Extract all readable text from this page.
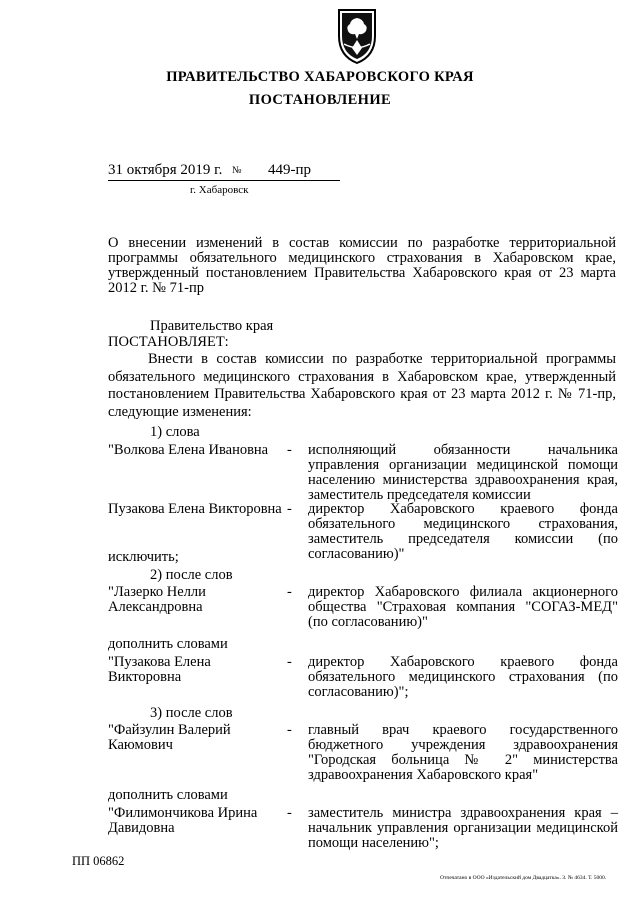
ПРАВИТЕЛЬСТВО ХАБАРОВСКОГО КРАЯ
ПОСТАНОВЛЕНИЕ
31 октября 2019 г. № 449-пр
г. Хабаровск
О внесении изменений в состав комиссии по разработке территориальной программы обязательного медицинского страхования в Хабаровском крае, утвержденный постановлением Правительства Хабаровского края от 23 марта 2012 г. № 71-пр
Правительство края
ПОСТАНОВЛЯЕТ:
Внести в состав комиссии по разработке территориальной программы обязательного медицинского страхования в Хабаровском крае, утвержденный постановлением Правительства Хабаровского края от 23 марта 2012 г. № 71-пр, следующие изменения:
1) слова
"Волкова Елена Ивановна	- исполняющий обязанности начальника управления организации медицинской помощи населению министерства здравоохранения края, заместитель председателя комиссии
Пузакова Елена Викторовна - директор Хабаровского краевого фонда обязательного медицинского страхования, заместитель председателя комиссии (по согласованию)"
исключить;
2) после слов
"Лазерко Нелли Александровна
- директор Хабаровского филиала акционерного общества "Страховая компания "СОГАЗ-МЕД" (по согласованию)"
дополнить словами
"Пузакова Елена Викторовна
- директор Хабаровского краевого фонда обязательного медицинского страхования (по согласованию)";
3) после слов
"Файзулин Валерий Каюмович
- главный врач краевого государственного бюджетного учреждения здравоохранения "Городская больница № 2" министерства здравоохранения Хабаровского края"
дополнить словами
"Филимончикова Ирина Давидовна
- заместитель министра здравоохранения края – начальник управления организации медицинской помощи населению";
ПП 06862
Отпечатано в ООО «Издательский дом Двадцатка». З. № 4634. Т. 5000.
